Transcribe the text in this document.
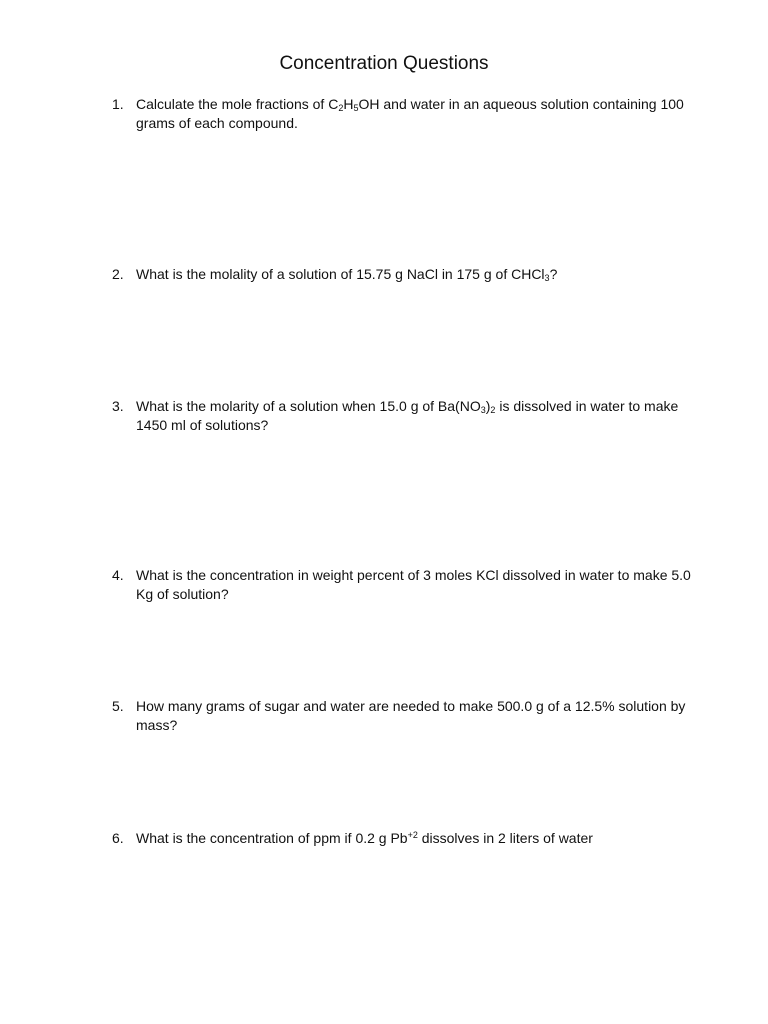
Concentration Questions
1. Calculate the mole fractions of $C_2H_5OH$ and water in an aqueous solution containing 100 grams of each compound.
2. What is the molality of a solution of 15.75 g NaCl in 175 g of CHCl$_3$?
3. What is the molarity of a solution when 15.0 g of $Ba(NO_3)_2$ is dissolved in water to make 1450 ml of solutions?
4. What is the concentration in weight percent of 3 moles KCl dissolved in water to make 5.0 Kg of solution?
5. How many grams of sugar and water are needed to make 500.0 g of a 12.5% solution by mass?
6. What is the concentration of ppm if 0.2 g $Pb^{+2}$ dissolves in 2 liters of water
